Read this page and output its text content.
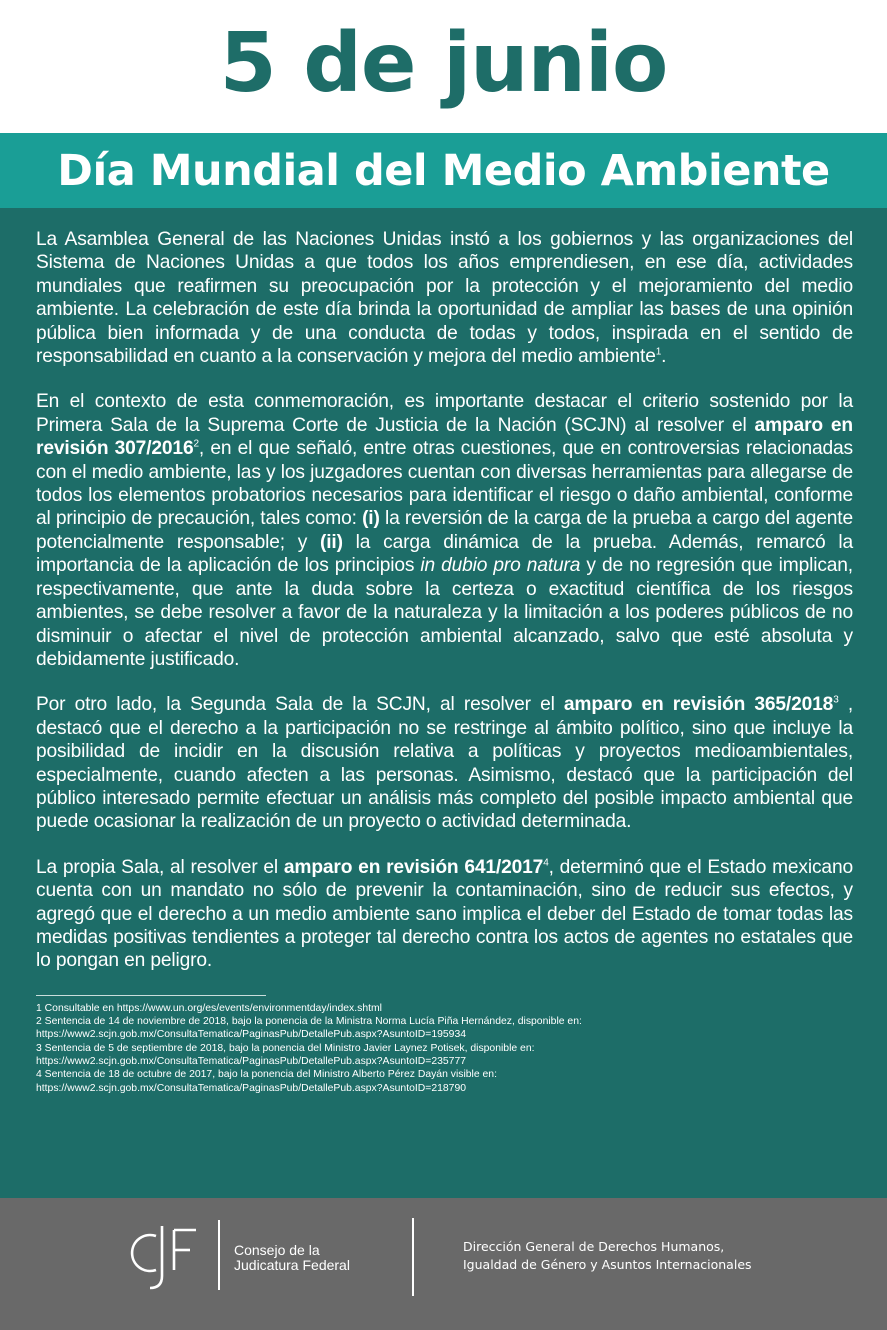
5 de junio
Día Mundial del Medio Ambiente

La Asamblea General de las Naciones Unidas instó a los gobiernos y las organizaciones del Sistema de Naciones Unidas a que todos los años emprendiesen, en ese día, actividades mundiales que reafirmen su preocupación por la protección y el mejoramiento del medio ambiente. La celebración de este día brinda la oportunidad de ampliar las bases de una opinión pública bien informada y de una conducta de todas y todos, inspirada en el sentido de responsabilidad en cuanto a la conservación y mejora del medio ambiente$^1$.

En el contexto de esta conmemoración, es importante destacar el criterio sostenido por la Primera Sala de la Suprema Corte de Justicia de la Nación (SCJN) al resolver el amparo en revisión 307/2016$^2$, en el que señaló, entre otras cuestiones, que en controversias relacionadas con el medio ambiente, las y los juzgadores cuentan con diversas herramientas para allegarse de todos los elementos probatorios necesarios para identificar el riesgo o daño ambiental, conforme al principio de precaución, tales como: (i) la reversión de la carga de la prueba a cargo del agente potencialmente responsable; y (ii) la carga dinámica de la prueba. Además, remarcó la importancia de la aplicación de los principios in dubio pro natura y de no regresión que implican, respectivamente, que ante la duda sobre la certeza o exactitud científica de los riesgos ambientes, se debe resolver a favor de la naturaleza y la limitación a los poderes públicos de no disminuir o afectar el nivel de protección ambiental alcanzado, salvo que esté absoluta y debidamente justificado.

Por otro lado, la Segunda Sala de la SCJN, al resolver el amparo en revisión 365/2018$^3$ , destacó que el derecho a la participación no se restringe al ámbito político, sino que incluye la posibilidad de incidir en la discusión relativa a políticas y proyectos medioambientales, especialmente, cuando afecten a las personas. Asimismo, destacó que la participación del público interesado permite efectuar un análisis más completo del posible impacto ambiental que puede ocasionar la realización de un proyecto o actividad determinada.

La propia Sala, al resolver el amparo en revisión 641/2017$^4$, determinó que el Estado mexicano cuenta con un mandato no sólo de prevenir la contaminación, sino de reducir sus efectos, y agregó que el derecho a un medio ambiente sano implica el deber del Estado de tomar todas las medidas positivas tendientes a proteger tal derecho contra los actos de agentes no estatales que lo pongan en peligro.

1 Consultable en https://www.un.org/es/events/environmentday/index.shtml
2 Sentencia de 14 de noviembre de 2018, bajo la ponencia de la Ministra Norma Lucía Piña Hernández, disponible en:
https://www2.scjn.gob.mx/ConsultaTematica/PaginasPub/DetallePub.aspx?AsuntoID=195934
3 Sentencia de 5 de septiembre de 2018, bajo la ponencia del Ministro Javier Laynez Potisek, disponible en:
https://www2.scjn.gob.mx/ConsultaTematica/PaginasPub/DetallePub.aspx?AsuntoID=235777
4 Sentencia de 18 de octubre de 2017, bajo la ponencia del Ministro Alberto Pérez Dayán visible en:
https://www2.scjn.gob.mx/ConsultaTematica/PaginasPub/DetallePub.aspx?AsuntoID=218790
Consejo de la
Judicatura Federal
Dirección General de Derechos Humanos,
Igualdad de Género y Asuntos Internacionales
